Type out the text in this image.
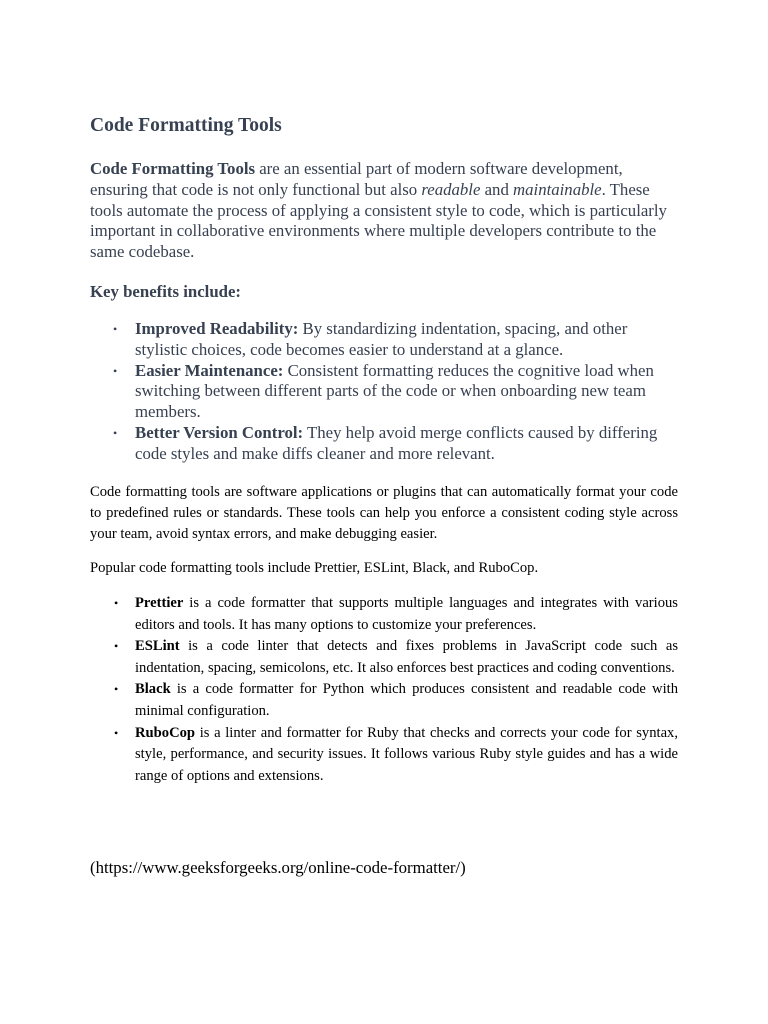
Code Formatting Tools

Code Formatting Tools are an essential part of modern software development, ensuring that code is not only functional but also readable and maintainable. These tools automate the process of applying a consistent style to code, which is particularly important in collaborative environments where multiple developers contribute to the same codebase.

Key benefits include:
• Improved Readability: By standardizing indentation, spacing, and other stylistic choices, code becomes easier to understand at a glance.
• Easier Maintenance: Consistent formatting reduces the cognitive load when switching between different parts of the code or when onboarding new team members.
• Better Version Control: They help avoid merge conflicts caused by differing code styles and make diffs cleaner and more relevant.

Code formatting tools are software applications or plugins that can automatically format your code to predefined rules or standards. These tools can help you enforce a consistent coding style across your team, avoid syntax errors, and make debugging easier.

Popular code formatting tools include Prettier, ESLint, Black, and RuboCop.

• Prettier is a code formatter that supports multiple languages and integrates with various editors and tools. It has many options to customize your preferences.
• ESLint is a code linter that detects and fixes problems in JavaScript code such as indentation, spacing, semicolons, etc. It also enforces best practices and coding conventions.
• Black is a code formatter for Python which produces consistent and readable code with minimal configuration.
• RuboCop is a linter and formatter for Ruby that checks and corrects your code for syntax, style, performance, and security issues. It follows various Ruby style guides and has a wide range of options and extensions.

(https://www.geeksforgeeks.org/online-code-formatter/)
